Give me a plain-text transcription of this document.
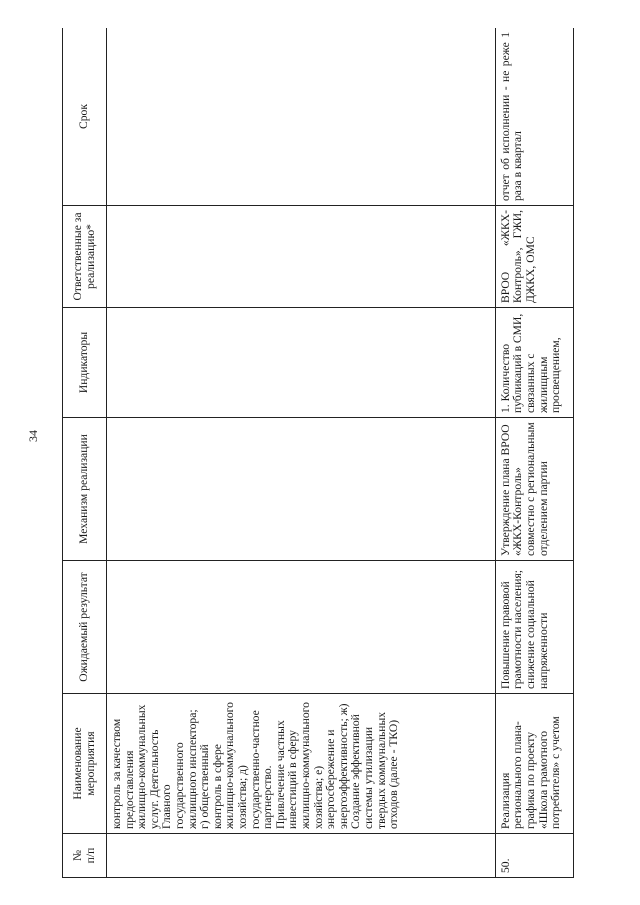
34
№
п/п	Наименование мероприятия	Ожидаемый результат	Механизм реализации	Индикаторы	Ответственные за реализацию*	Срок
	контроль за качеством предоставления жилищно-коммунальных услуг. Деятельность Главного государственного жилищного инспектора; г) общественный контроль в сфере жилищно-коммунального хозяйства; д) государственно-частное партнерство. Привлечение частных инвестиций в сферу жилищно-коммунального хозяйства; е) энергосбережение и энергоэффективность; ж) Создание эффективной системы утилизации твердых коммунальных отходов (далее - ТКО)					
50.	Реализация регионального плана-графика по проекту «Школа грамотного потребителя» с учетом	Повышение правовой грамотности населения; снижение социальной напряженности	Утверждение плана ВРОО «ЖКХ-Контроль» совместно с региональным отделением партии	1. Количество публикаций в СМИ, связанных с жилищным просвещением,	ВРОО «ЖКХ-Контроль», ГЖИ, ДЖКХ, ОМС	отчет об исполнении - не реже 1 раза в квартал
